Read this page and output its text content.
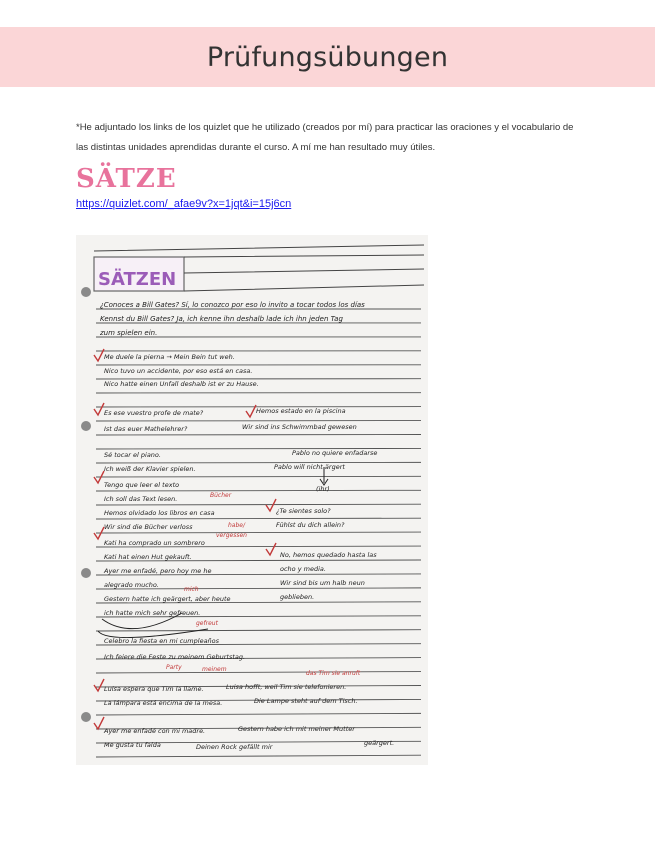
Prüfungsübungen
*He adjuntado los links de los quizlet que he utilizado (creados por mí) para practicar las oraciones y el vocabulario de
las distintas unidades aprendidas durante el curso. A mí me han resultado muy útiles.
SÄTZE
https://quizlet.com/_afae9v?x=1jqt&i=15j6cn
SÄTZEN
¿Conoces a Bill Gates? Sí, lo conozco por eso lo invito a tocar todos los días
Kennst du Bill Gates? Ja, ich kenne ihn deshalb lade ich ihn jeden Tag
zum spielen ein.
Me duele la pierna → Mein Bein tut weh.
Nico tuvo un accidente, por eso está en casa.
Nico hatte einen Unfall deshalb ist er zu Hause.
Es ese vuestro profe de mate?	Hemos estado en la piscina
Ist das euer Mathelehrer?	Wir sind ins Schwimmbad gewesen
Sé tocar el piano.	Pablo no quiere enfadarse
Ich weiß der Klavier spielen.	Pablo will nicht ärgert
(ihr)
Tengo que leer el texto
Ich soll das Text lesen.	Bücher
Hemos olvidado los libros en casa	¿Te sientes solo?
Wir sind die Bücher verloss	habe/	Fühlst du dich allein?
vergessen
Kati ha comprado un sombrero
Kati hat einen Hut gekauft.	No, hemos quedado hasta las
ocho y media.
Ayer me enfadé, pero hoy me he
alegrado mucho.
mich
Wir sind bis um halb neun
geblieben.
Gestern hatte ich geärgert, aber heute
ich hatte mich sehr gefreuen.
gefreut
Celebro la fiesta en mi cumpleaños
Ich feiere die Feste zu meinem Geburtstag.
Party	meinem
das Tim sie anruft
Luisa espera que Tim la llame.	Luisa hofft, weil Tim sie telefonieren.
La lámpara está encima de la mesa.	Die Lampe steht auf dem Tisch.
Ayer me enfadé con mi madre.	Gestern habe ich mit meiner Mutter
Me gusta tu falda	Deinen Rock gefällt mir	geärgert.
